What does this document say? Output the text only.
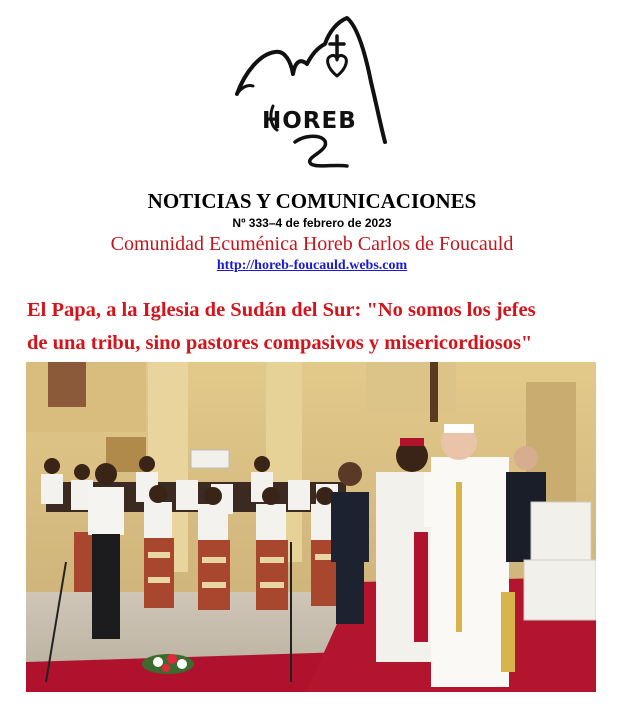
HOREB
NOTICIAS Y COMUNICACIONES
Nº 333–4 de febrero de 2023
Comunidad Ecuménica Horeb Carlos de Foucauld
http://horeb-foucauld.webs.com
El Papa, a la Iglesia de Sudán del Sur: "No somos los jefes
de una tribu, sino pastores compasivos y misericordiosos"
